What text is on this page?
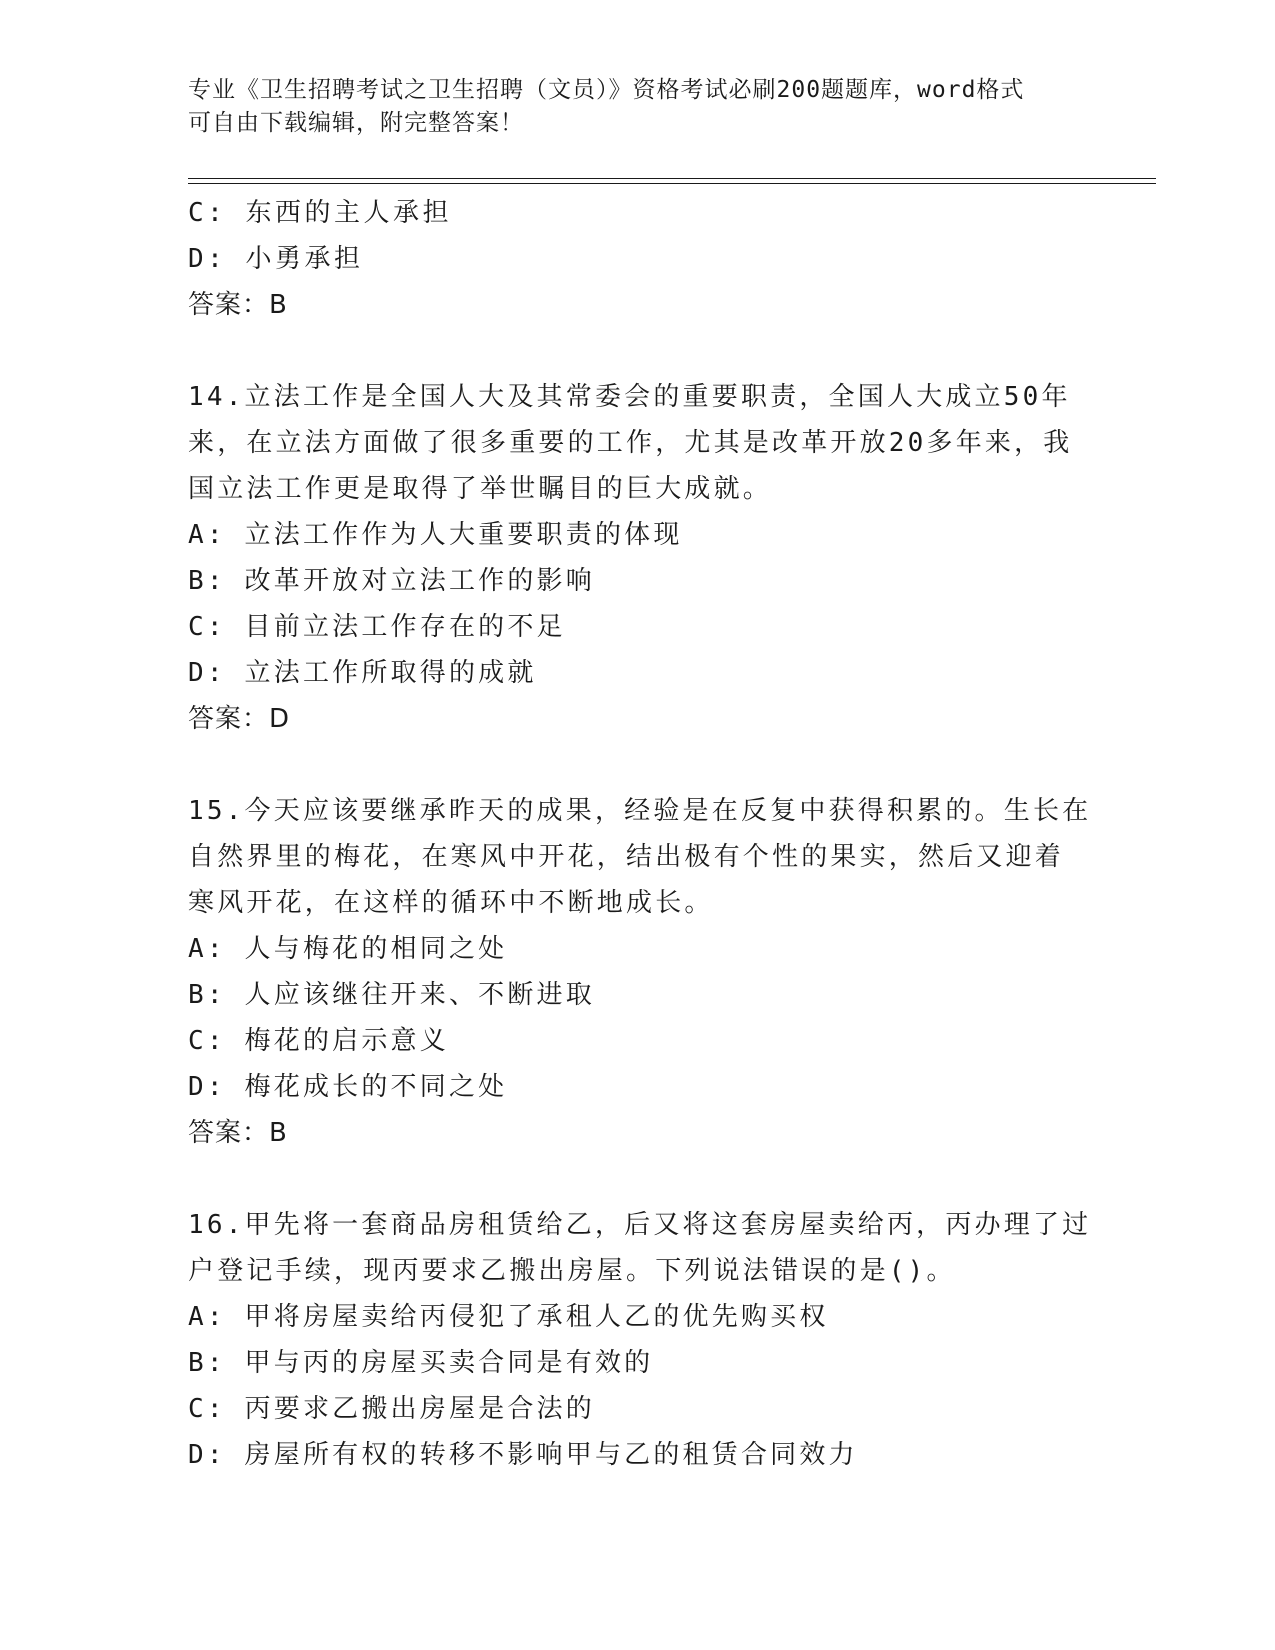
专业《卫生招聘考试之卫生招聘（文员）》资格考试必刷200题题库，word格式
可自由下载编辑，附完整答案！
C: 东西的主人承担
D: 小勇承担
答案：B
14.立法工作是全国人大及其常委会的重要职责，全国人大成立50年
来，在立法方面做了很多重要的工作，尤其是改革开放20多年来，我
国立法工作更是取得了举世瞩目的巨大成就。
A: 立法工作作为人大重要职责的体现
B: 改革开放对立法工作的影响
C: 目前立法工作存在的不足
D: 立法工作所取得的成就
答案：D
15.今天应该要继承昨天的成果，经验是在反复中获得积累的。生长在
自然界里的梅花，在寒风中开花，结出极有个性的果实，然后又迎着
寒风开花，在这样的循环中不断地成长。
A: 人与梅花的相同之处
B: 人应该继往开来、不断进取
C: 梅花的启示意义
D: 梅花成长的不同之处
答案：B
16.甲先将一套商品房租赁给乙，后又将这套房屋卖给丙，丙办理了过
户登记手续，现丙要求乙搬出房屋。下列说法错误的是()。
A: 甲将房屋卖给丙侵犯了承租人乙的优先购买权
B: 甲与丙的房屋买卖合同是有效的
C: 丙要求乙搬出房屋是合法的
D: 房屋所有权的转移不影响甲与乙的租赁合同效力
